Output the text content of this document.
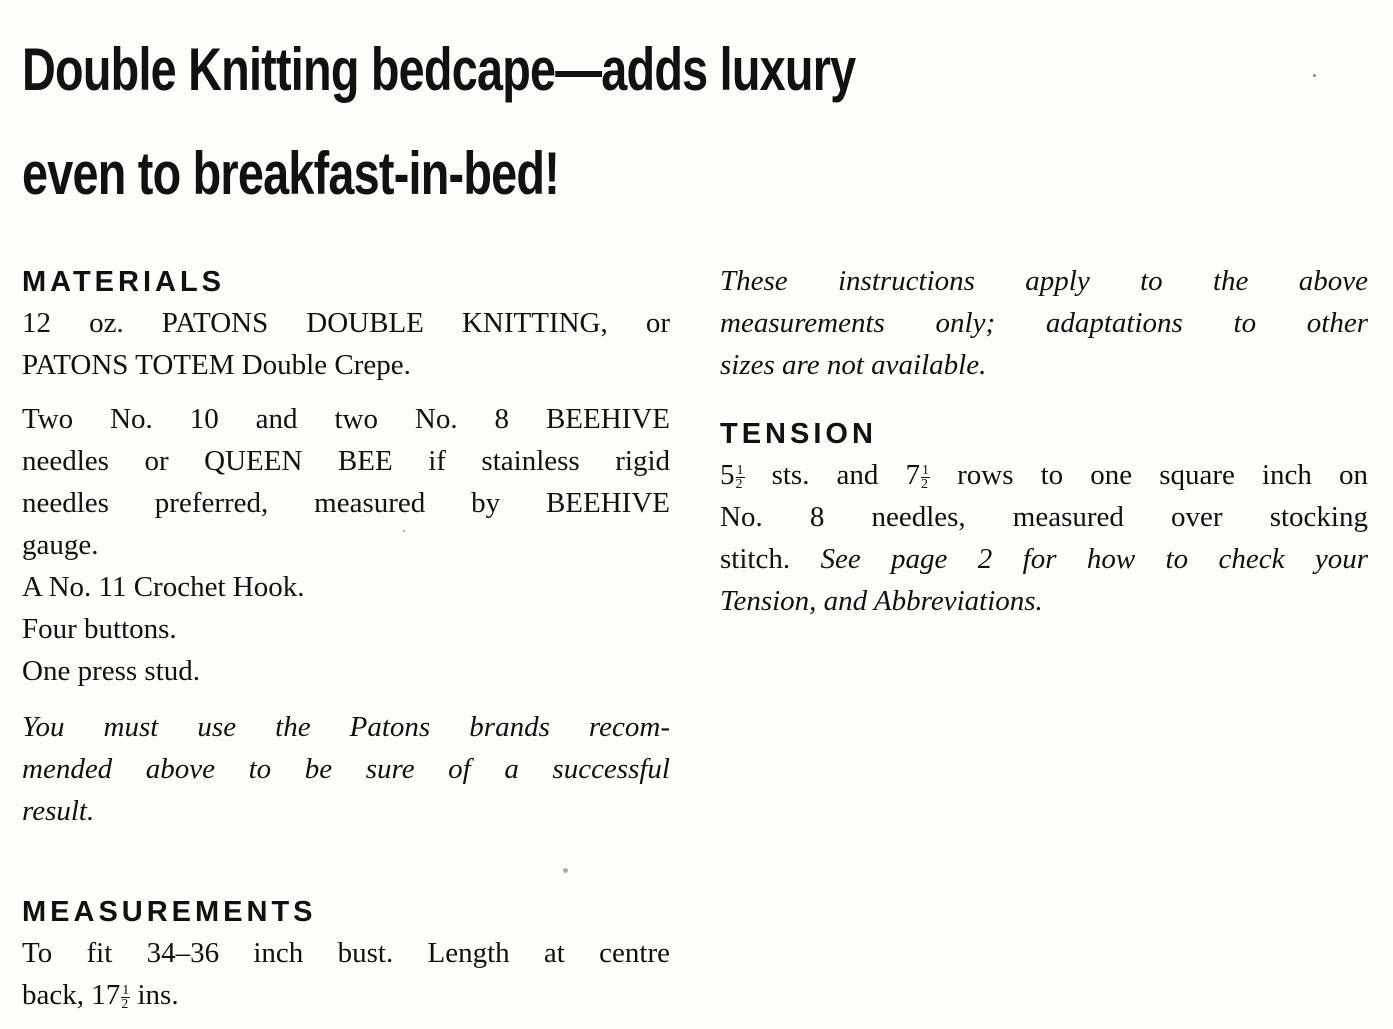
Double Knitting bedcape—adds luxury
even to breakfast-in-bed!
MATERIALS

12 oz. PATONS DOUBLE KNITTING, or
PATONS TOTEM Double Crepe.

Two No. 10 and two No. 8 BEEHIVE
needles or QUEEN BEE if stainless rigid
needles preferred, measured by BEEHIVE
gauge.
A No. 11 Crochet Hook.
Four buttons.
One press stud.

You must use the Patons brands recom-
mended above to be sure of a successful
result.

MEASUREMENTS

To fit 34–36 inch bust. Length at centre
back, $17 \frac{1}{2}$ ins.

These instructions apply to the above
measurements only; adaptations to other
sizes are not available.

TENSION

$5 \frac{1}{2}$ sts. and $7 \frac{1}{2}$ rows to one square inch on
No. 8 needles, measured over stocking
stitch. See page 2 for how to check your
Tension, and Abbreviations.
